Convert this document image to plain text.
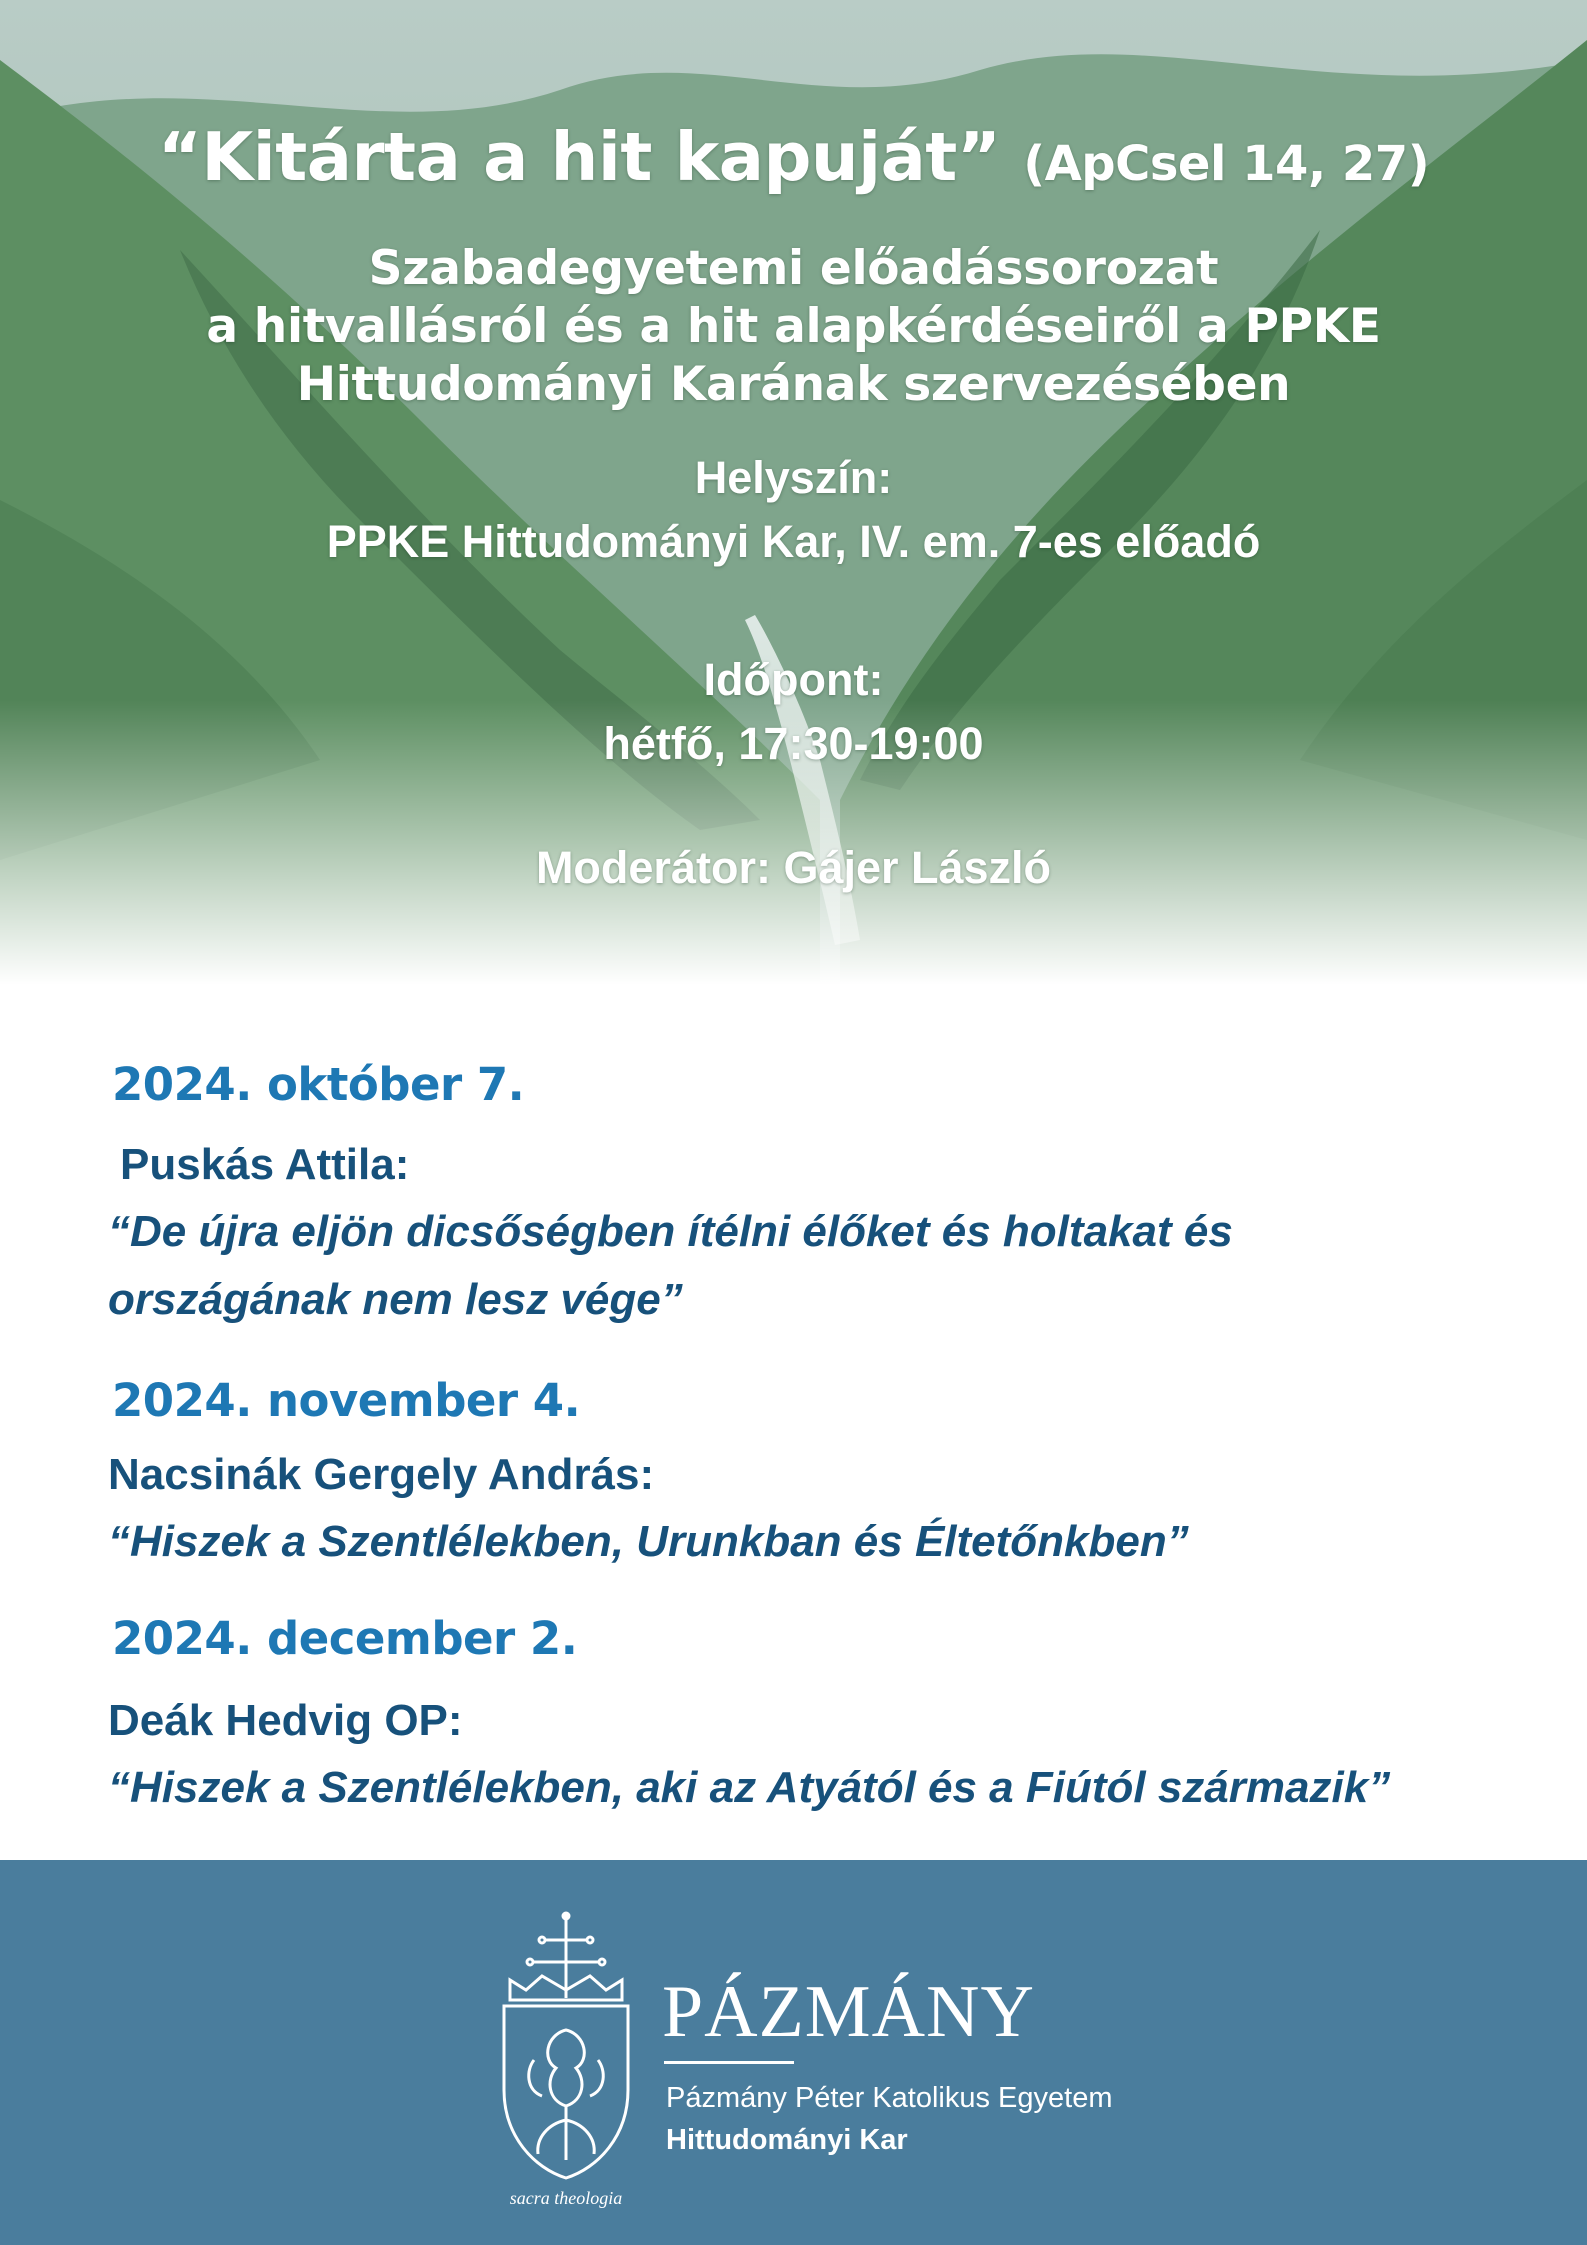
“Kitárta a hit kapuját” (ApCsel 14, 27)
Szabadegyetemi előadássorozat
a hitvallásról és a hit alapkérdéseiről a PPKE
Hittudományi Karának szervezésében
Helyszín:
PPKE Hittudományi Kar, IV. em. 7-es előadó
Időpont:
hétfő, 17:30-19:00
Moderátor: Gájer László
2024. október 7.
Puskás Attila:
“De újra eljön dicsőségben ítélni élőket és holtakat és
országának nem lesz vége”
2024. november 4.
Nacsinák Gergely András:
“Hiszek a Szentlélekben, Urunkban és Éltetőnkben”
2024. december 2.
Deák Hedvig OP:
“Hiszek a Szentlélekben, aki az Atyától és a Fiútól származik”
sacra theologia
PÁZMÁNY
Pázmány Péter Katolikus Egyetem
Hittudományi Kar
